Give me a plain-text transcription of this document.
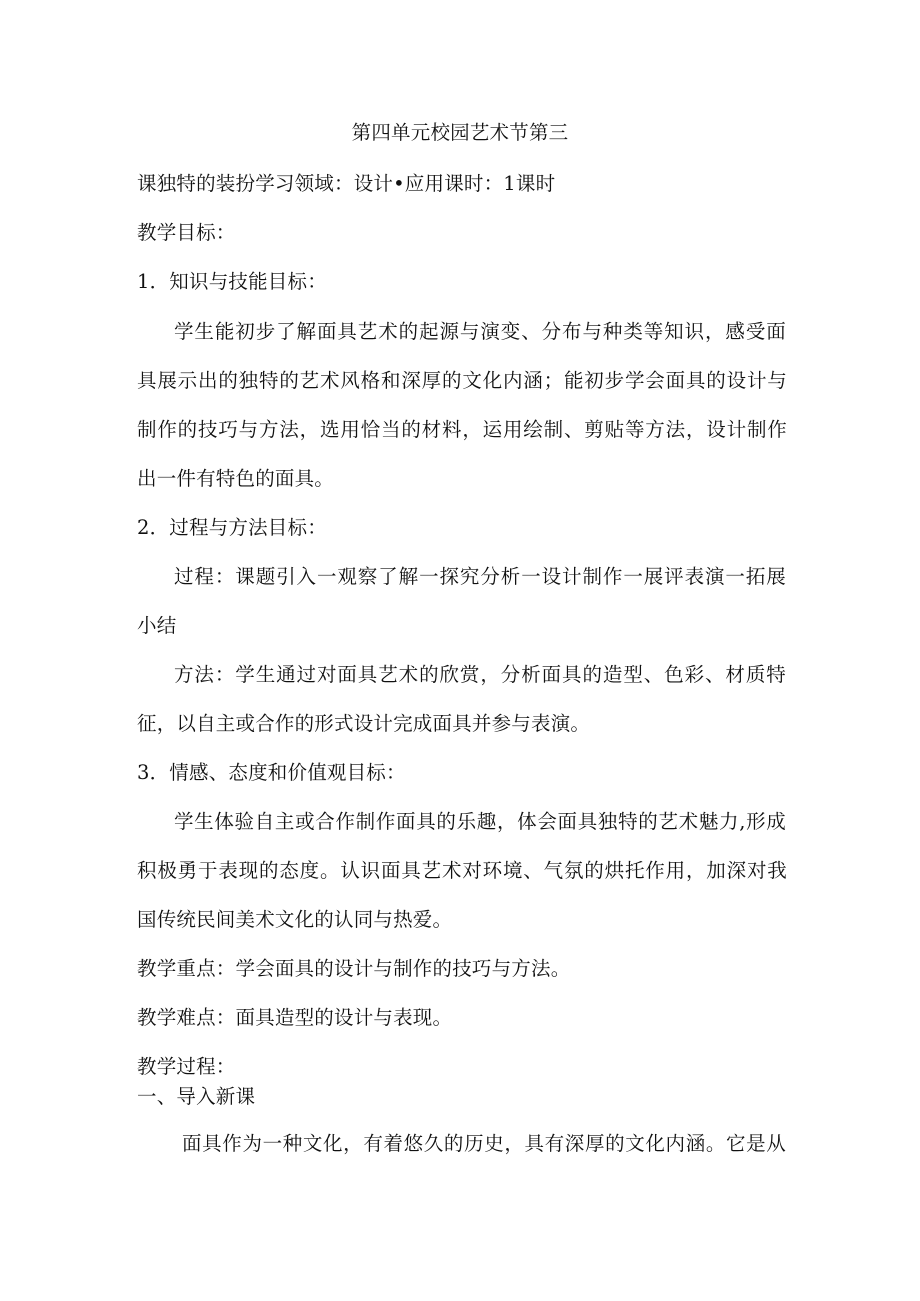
第四单元校园艺术节第三
课独特的装扮学习领域：设计•应用课时：1课时
教学目标：
1．知识与技能目标：
学生能初步了解面具艺术的起源与演变、分布与种类等知识，感受面
具展示出的独特的艺术风格和深厚的文化内涵；能初步学会面具的设计与
制作的技巧与方法，选用恰当的材料，运用绘制、剪贴等方法，设计制作
出一件有特色的面具。
2．过程与方法目标：
过程：课题引入一观察了解一探究分析一设计制作一展评表演一拓展
小结
方法：学生通过对面具艺术的欣赏，分析面具的造型、色彩、材质特
征，以自主或合作的形式设计完成面具并参与表演。
3．情感、态度和价值观目标：
学生体验自主或合作制作面具的乐趣，体会面具独特的艺术魅力,形成
积极勇于表现的态度。认识面具艺术对环境、气氛的烘托作用，加深对我
国传统民间美术文化的认同与热爱。
教学重点：学会面具的设计与制作的技巧与方法。
教学难点：面具造型的设计与表现。
教学过程：
一、导入新课
面具作为一种文化，有着悠久的历史，具有深厚的文化内涵。它是从
